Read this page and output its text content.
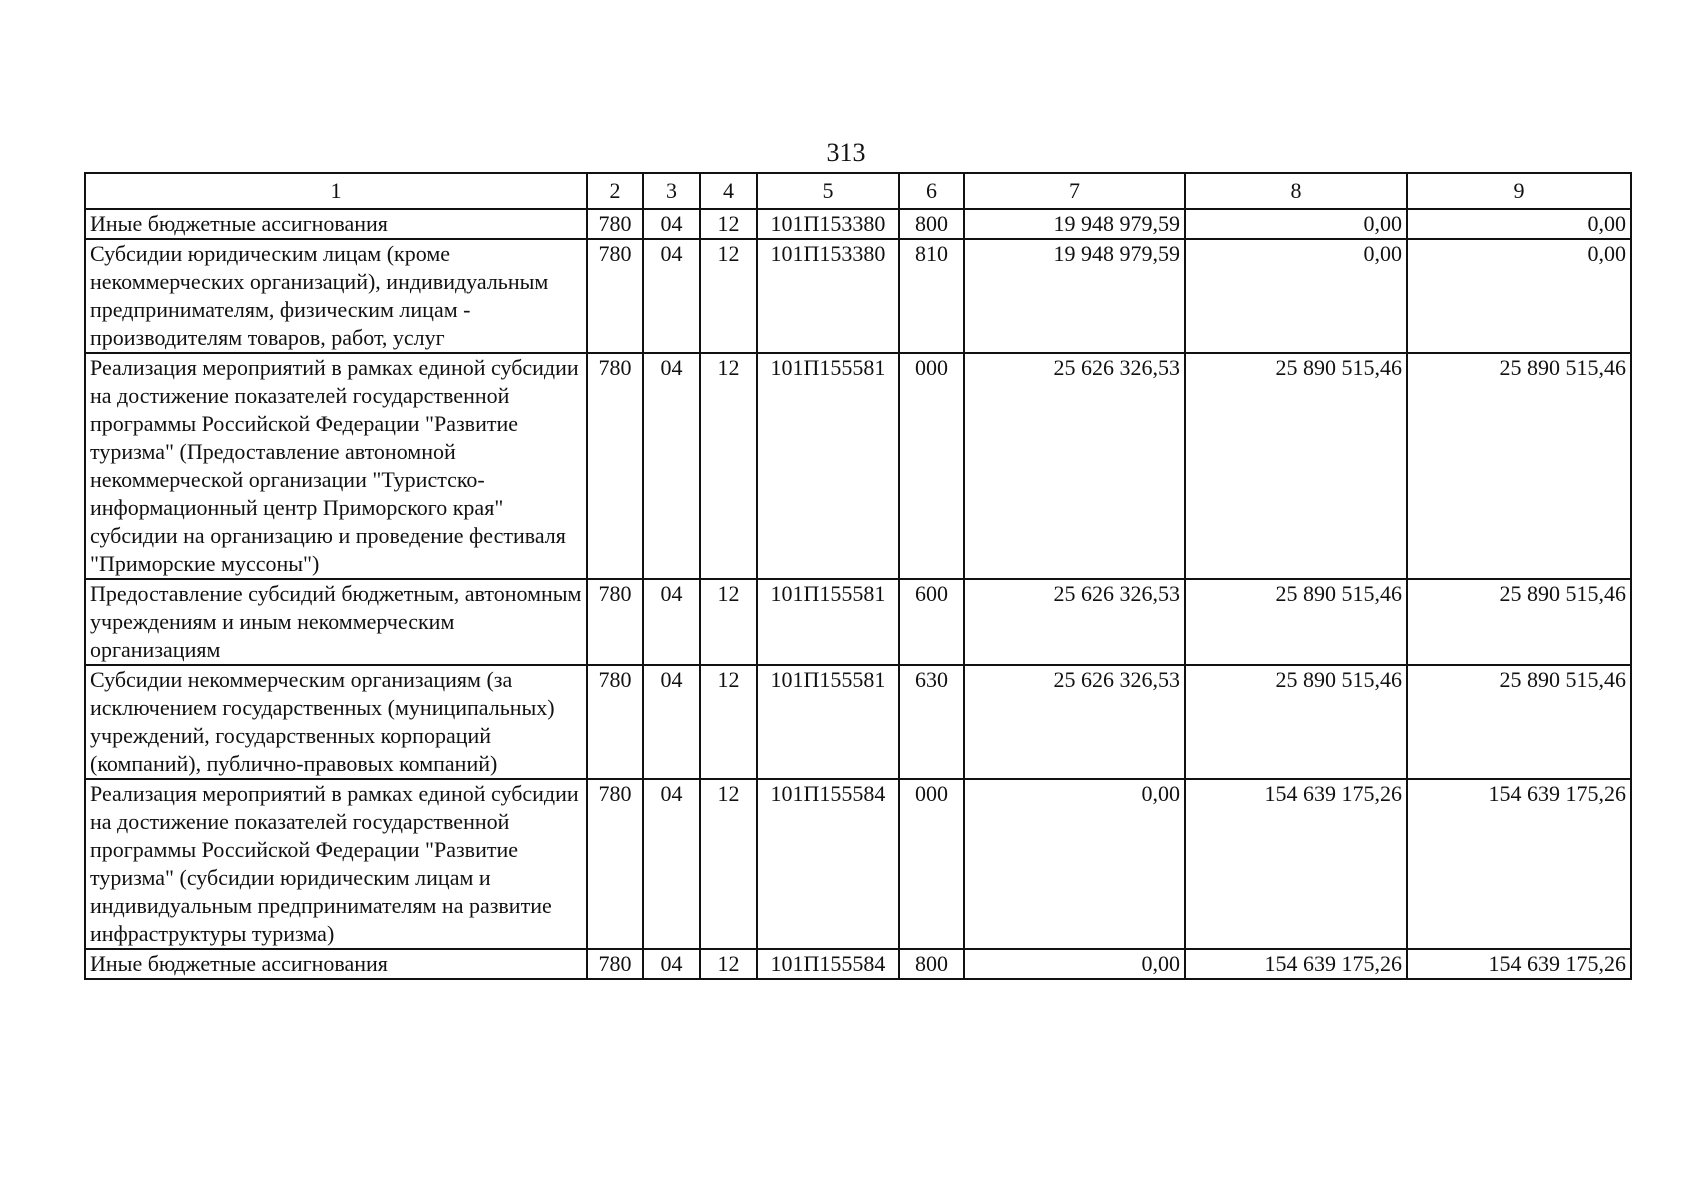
313
1	2	3	4	5	6	7	8	9
Иные бюджетные ассигнования	780	04	12	101П153380	800	19 948 979,59	0,00	0,00
Субсидии юридическим лицам (кроме некоммерческих организаций), индивидуальным предпринимателям, физическим лицам - производителям товаров, работ, услуг	780	04	12	101П153380	810	19 948 979,59	0,00	0,00
Реализация мероприятий в рамках единой субсидии на достижение показателей государственной программы Российской Федерации "Развитие туризма" (Предоставление автономной некоммерческой организации "Туристско-информационный центр Приморского края" субсидии на организацию и проведение фестиваля "Приморские муссоны")	780	04	12	101П155581	000	25 626 326,53	25 890 515,46	25 890 515,46
Предоставление субсидий бюджетным, автономным учреждениям и иным некоммерческим организациям	780	04	12	101П155581	600	25 626 326,53	25 890 515,46	25 890 515,46
Субсидии некоммерческим организациям (за исключением государственных (муниципальных) учреждений, государственных корпораций (компаний), публично-правовых компаний)	780	04	12	101П155581	630	25 626 326,53	25 890 515,46	25 890 515,46
Реализация мероприятий в рамках единой субсидии на достижение показателей государственной программы Российской Федерации "Развитие туризма" (субсидии юридическим лицам и индивидуальным предпринимателям на развитие инфраструктуры туризма)	780	04	12	101П155584	000	0,00	154 639 175,26	154 639 175,26
Иные бюджетные ассигнования	780	04	12	101П155584	800	0,00	154 639 175,26	154 639 175,26
